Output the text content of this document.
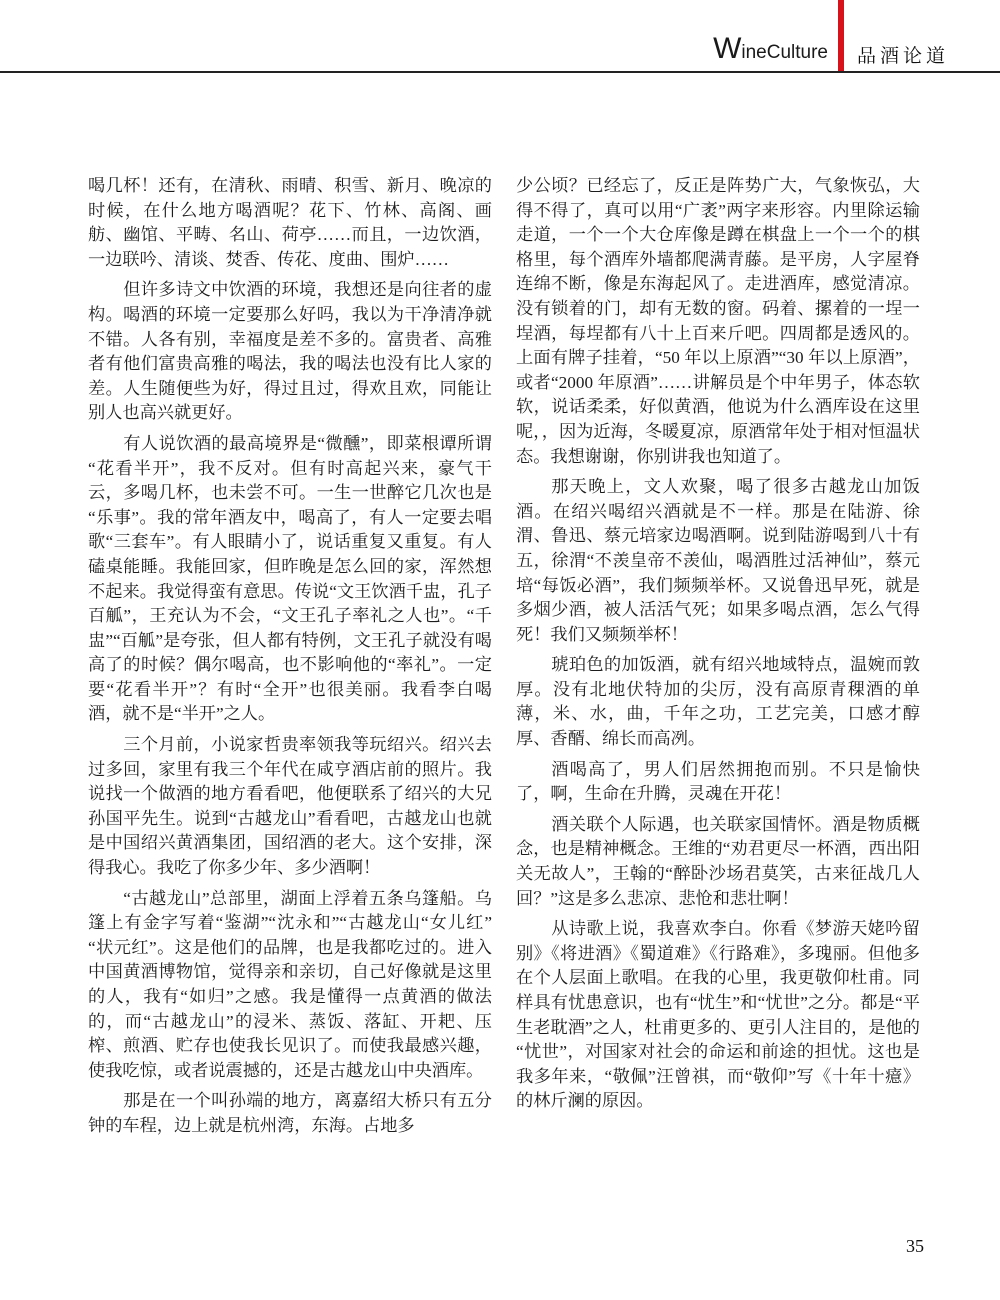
W ineCulture 品酒论道

喝几杯！还有，在清秋、雨晴、积雪、新月、晚凉的时候，在什么地方喝酒呢？花下、竹林、高阁、画舫、幽馆、平畴、名山、荷亭……而且，一边饮酒，一边联吟、清谈、焚香、传花、度曲、围炉……

但许多诗文中饮酒的环境，我想还是向往者的虚构。喝酒的环境一定要那么好吗，我以为干净清净就不错。人各有别，幸福度是差不多的。富贵者、高雅者有他们富贵高雅的喝法，我的喝法也没有比人家的差。人生随便些为好，得过且过，得欢且欢，同能让别人也高兴就更好。

有人说饮酒的最高境界是“微醺”，即菜根谭所谓“花看半开”，我不反对。但有时高起兴来，豪气干云，多喝几杯，也未尝不可。一生一世醉它几次也是“乐事”。我的常年酒友中，喝高了，有人一定要去唱歌“三套车”。有人眼睛小了，说话重复又重复。有人磕桌能睡。我能回家，但昨晚是怎么回的家，浑然想不起来。我觉得蛮有意思。传说“文王饮酒千盅，孔子百觚”，王充认为不会，“文王孔子率礼之人也”。“千盅”“百觚”是夸张，但人都有特例，文王孔子就没有喝高了的时候？偶尔喝高，也不影响他的“率礼”。一定要“花看半开”？有时“全开”也很美丽。我看李白喝酒，就不是“半开”之人。

三个月前，小说家哲贵率领我等玩绍兴。绍兴去过多回，家里有我三个年代在咸亨酒店前的照片。我说找一个做酒的地方看看吧，他便联系了绍兴的大兄孙国平先生。说到“古越龙山”看看吧，古越龙山也就是中国绍兴黄酒集团，国绍酒的老大。这个安排，深得我心。我吃了你多少年、多少酒啊！

“古越龙山”总部里，湖面上浮着五条乌篷船。乌篷上有金字写着“鉴湖”“沈永和”“古越龙山“女儿红”“状元红”。这是他们的品牌，也是我都吃过的。进入中国黄酒博物馆，觉得亲和亲切，自己好像就是这里的人，我有“如归”之感。我是懂得一点黄酒的做法的，而“古越龙山”的浸米、蒸饭、落缸、开耙、压榨、煎酒、贮存也使我长见识了。而使我最感兴趣，使我吃惊，或者说震撼的，还是古越龙山中央酒库。

那是在一个叫孙端的地方，离嘉绍大桥只有五分钟的车程，边上就是杭州湾，东海。占地多

少公顷？已经忘了，反正是阵势广大，气象恢弘，大得不得了，真可以用“广袤”两字来形容。内里除运输走道，一个一个大仓库像是蹲在棋盘上一个一个的棋格里，每个酒库外墙都爬满青藤。是平房，人字屋脊连绵不断，像是东海起风了。走进酒库，感觉清凉。没有锁着的门，却有无数的窗。码着、摞着的一埕一埕酒，每埕都有八十上百来斤吧。四周都是透风的。上面有牌子挂着，“50 年以上原酒”“30 年以上原酒”，或者“2000 年原酒”……讲解员是个中年男子，体态软软，说话柔柔，好似黄酒，他说为什么酒库设在这里呢，，因为近海，冬暖夏凉，原酒常年处于相对恒温状态。我想谢谢，你别讲我也知道了。

那天晚上，文人欢聚，喝了很多古越龙山加饭酒。在绍兴喝绍兴酒就是不一样。那是在陆游、徐渭、鲁迅、蔡元培家边喝酒啊。说到陆游喝到八十有五，徐渭“不羡皇帝不羡仙，喝酒胜过活神仙”，蔡元培“每饭必酒”，我们频频举杯。又说鲁迅早死，就是多烟少酒，被人活活气死；如果多喝点酒，怎么气得死！我们又频频举杯！

琥珀色的加饭酒，就有绍兴地域特点，温婉而敦厚。没有北地伏特加的尖厉，没有高原青稞酒的单薄，米、水，曲，千年之功，工艺完美，口感才醇厚、香醑、绵长而高冽。

酒喝高了，男人们居然拥抱而别。不只是愉快了，啊，生命在升腾，灵魂在开花！

酒关联个人际遇，也关联家国情怀。酒是物质概念，也是精神概念。王维的“劝君更尽一杯酒，西出阳关无故人”，王翰的“醉卧沙场君莫笑，古来征战几人回？”这是多么悲凉、悲怆和悲壮啊！

从诗歌上说，我喜欢李白。你看《梦游天姥吟留别》《将进酒》《蜀道难》《行路难》，多瑰丽。但他多在个人层面上歌唱。在我的心里，我更敬仰杜甫。同样具有忧患意识，也有“忧生”和“忧世”之分。都是“平生老耽酒”之人，杜甫更多的、更引人注目的，是他的“忧世”，对国家对社会的命运和前途的担忧。这也是我多年来，“敬佩”汪曾祺，而“敬仰”写《十年十癔》的林斤澜的原因。

35
